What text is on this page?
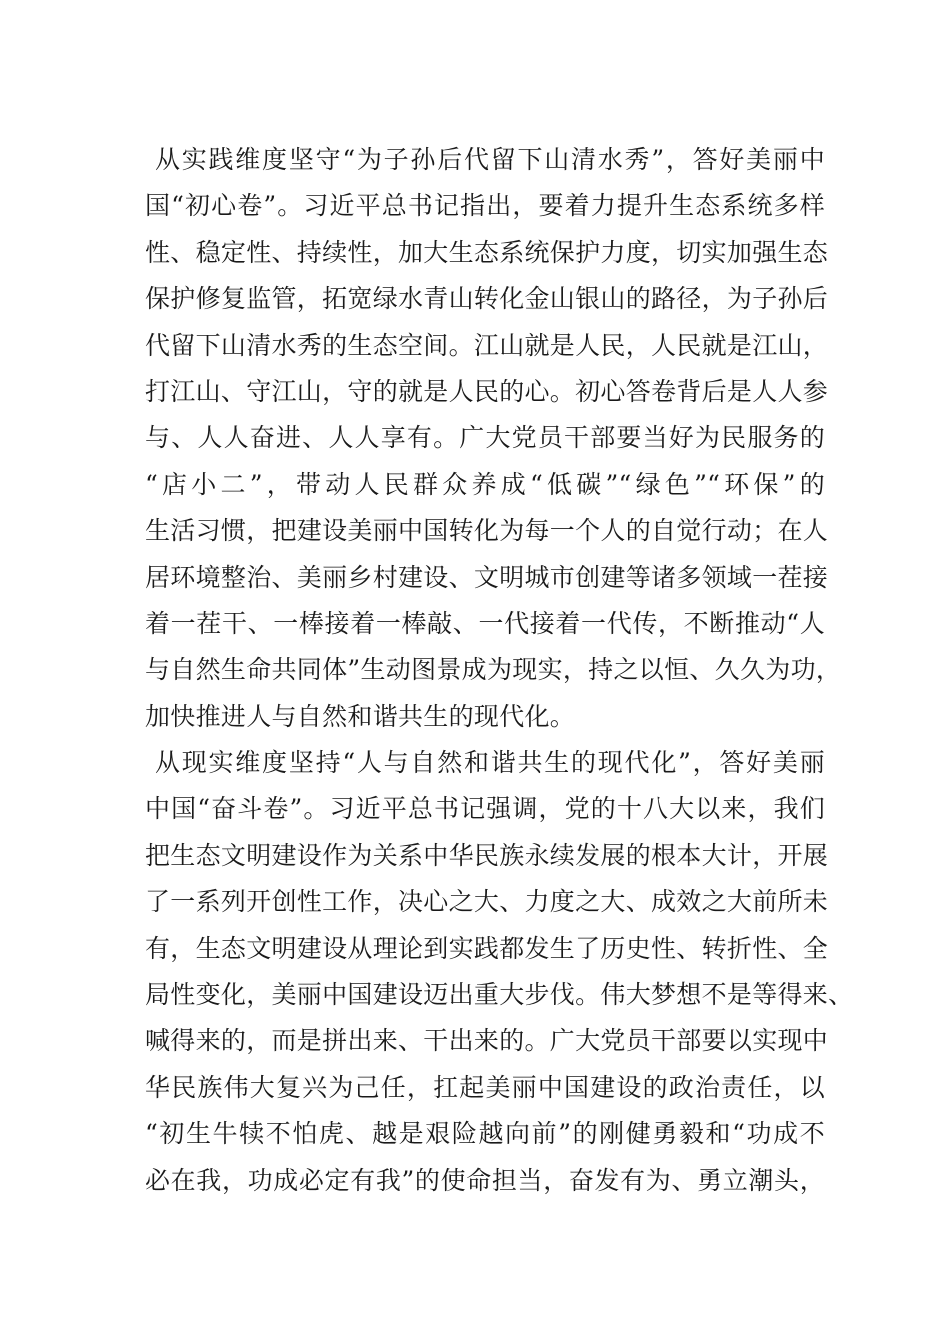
从实践维度坚守“为子孙后代留下山清水秀”，答好美丽中
国“初心卷”。习近平总书记指出，要着力提升生态系统多样
性、稳定性、持续性，加大生态系统保护力度，切实加强生态
保护修复监管，拓宽绿水青山转化金山银山的路径，为子孙后
代留下山清水秀的生态空间。江山就是人民，人民就是江山，
打江山、守江山，守的就是人民的心。初心答卷背后是人人参
与、人人奋进、人人享有。广大党员干部要当好为民服务的
“店小二”，带动人民群众养成“低碳”“绿色”“环保”的
生活习惯，把建设美丽中国转化为每一个人的自觉行动；在人
居环境整治、美丽乡村建设、文明城市创建等诸多领域一茬接
着一茬干、一棒接着一棒敲、一代接着一代传，不断推动“人
与自然生命共同体”生动图景成为现实，持之以恒、久久为功，
加快推进人与自然和谐共生的现代化。
从现实维度坚持“人与自然和谐共生的现代化”，答好美丽
中国“奋斗卷”。习近平总书记强调，党的十八大以来，我们
把生态文明建设作为关系中华民族永续发展的根本大计，开展
了一系列开创性工作，决心之大、力度之大、成效之大前所未
有，生态文明建设从理论到实践都发生了历史性、转折性、全
局性变化，美丽中国建设迈出重大步伐。伟大梦想不是等得来、
喊得来的，而是拼出来、干出来的。广大党员干部要以实现中
华民族伟大复兴为己任，扛起美丽中国建设的政治责任，以
“初生牛犊不怕虎、越是艰险越向前”的刚健勇毅和“功成不
必在我，功成必定有我”的使命担当，奋发有为、勇立潮头，
